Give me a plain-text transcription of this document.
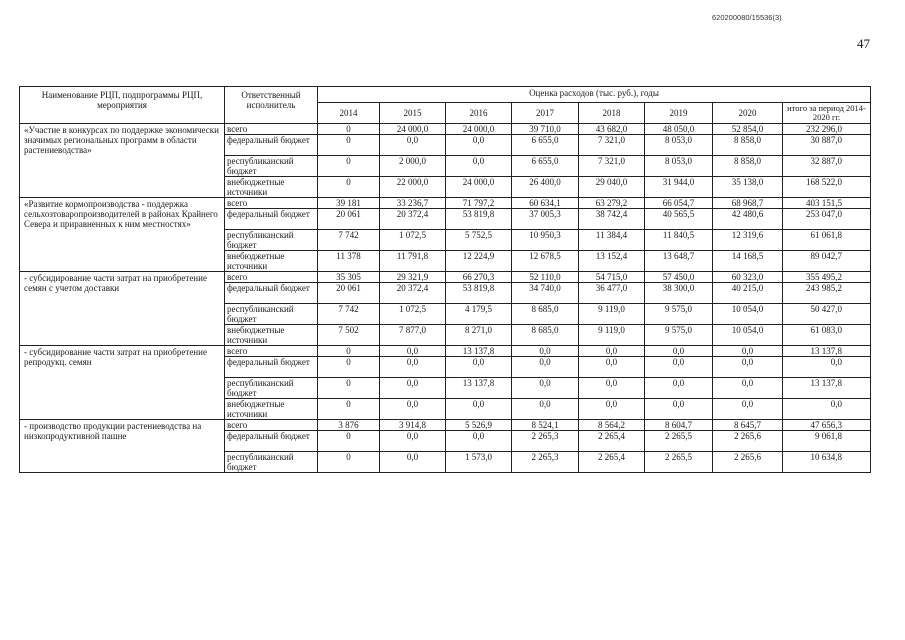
620200080/15536(3)
47
Наименование РЦП, подпрограммы РЦП, мероприятия	Ответственный исполнитель	Оценка расходов (тыс. руб.), годы							
		2014	2015	2016	2017	2018	2019	2020	итого за период 2014-2020 гг.
«Участие в конкурсах по поддержке экономически значимых региональных программ в области растениеводства»	всего	0	24 000,0	24 000,0	39 710,0	43 682,0	48 050,0	52 854,0	232 296,0
	федеральный бюджет	0	0,0	0,0	6 655,0	7 321,0	8 053,0	8 858,0	30 887,0
	республиканский бюджет	0	2 000,0	0,0	6 655,0	7 321,0	8 053,0	8 858,0	32 887,0
	внебюджетные источники	0	22 000,0	24 000,0	26 400,0	29 040,0	31 944,0	35 138,0	168 522,0
«Развитие кормопроизводства - поддержка сельхозтоваропроизводителей в районах Крайнего Севера и приравненных к ним местностях»	всего	39 181	33 236,7	71 797,2	60 634,1	63 279,2	66 054,7	68 968,7	403 151,5
	федеральный бюджет	20 061	20 372,4	53 819,8	37 005,3	38 742,4	40 565,5	42 480,6	253 047,0
	республиканский бюджет	7 742	1 072,5	5 752,5	10 950,3	11 384,4	11 840,5	12 319,6	61 061,8
	внебюджетные источники	11 378	11 791,8	12 224,9	12 678,5	13 152,4	13 648,7	14 168,5	89 042,7
- субсидирование части затрат на приобретение семян с учетом доставки	всего	35 305	29 321,9	66 270,3	52 110,0	54 715,0	57 450,0	60 323,0	355 495,2
	федеральный бюджет	20 061	20 372,4	53 819,8	34 740,0	36 477,0	38 300,0	40 215,0	243 985,2
	республиканский бюджет	7 742	1 072,5	4 179,5	8 685,0	9 119,0	9 575,0	10 054,0	50 427,0
	внебюджетные источники	7 502	7 877,0	8 271,0	8 685,0	9 119,0	9 575,0	10 054,0	61 083,0
- субсидирование части затрат на приобретение репродукц. семян	всего	0	0,0	13 137,8	0,0	0,0	0,0	0,0	13 137,8
	федеральный бюджет	0	0,0	0,0	0,0	0,0	0,0	0,0	0,0
	республиканский бюджет	0	0,0	13 137,8	0,0	0,0	0,0	0,0	13 137,8
	внебюджетные источники	0	0,0	0,0	0,0	0,0	0,0	0,0	0,0
- производство продукции растениеводства на низкопродуктивной пашне	всего	3 876	3 914,8	5 526,9	8 524,1	8 564,2	8 604,7	8 645,7	47 656,3
	федеральный бюджет	0	0,0	0,0	2 265,3	2 265,4	2 265,5	2 265,6	9 061,8
	республиканский бюджет	0	0,0	1 573,0	2 265,3	2 265,4	2 265,5	2 265,6	10 634,8
